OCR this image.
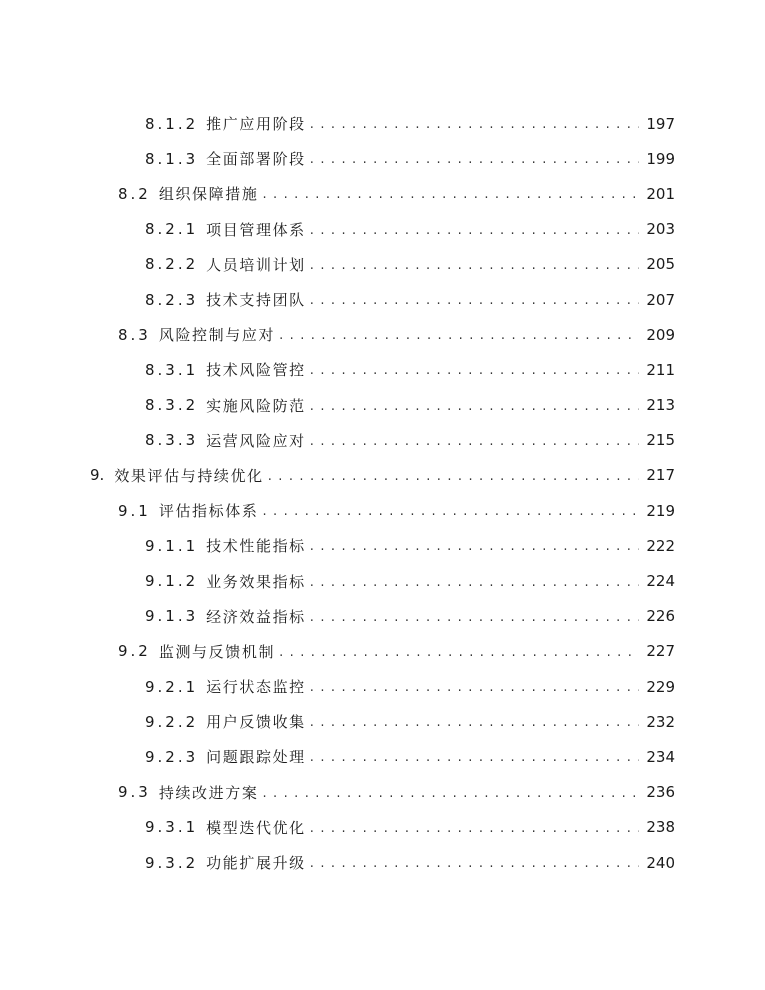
8.1.2 推广应用阶段 . . .	197
8.1.3 全面部署阶段 . . .	199
8.2 组织保障措施 . . .	201
8.2.1 项目管理体系 . . .	203
8.2.2 人员培训计划 . . .	205
8.2.3 技术支持团队 . . .	207
8.3 风险控制与应对 . . .	209
8.3.1 技术风险管控 . . .	211
8.3.2 实施风险防范 . . .	213
8.3.3 运营风险应对 . . .	215
9. 效果评估与持续优化 . . .	217
9.1 评估指标体系 . . .	219
9.1.1 技术性能指标 . . .	222
9.1.2 业务效果指标 . . .	224
9.1.3 经济效益指标 . . .	226
9.2 监测与反馈机制 . . .	227
9.2.1 运行状态监控 . . .	229
9.2.2 用户反馈收集 . . .	232
9.2.3 问题跟踪处理 . . .	234
9.3 持续改进方案 . . .	236
9.3.1 模型迭代优化 . . .	238
9.3.2 功能扩展升级 . . .	240
